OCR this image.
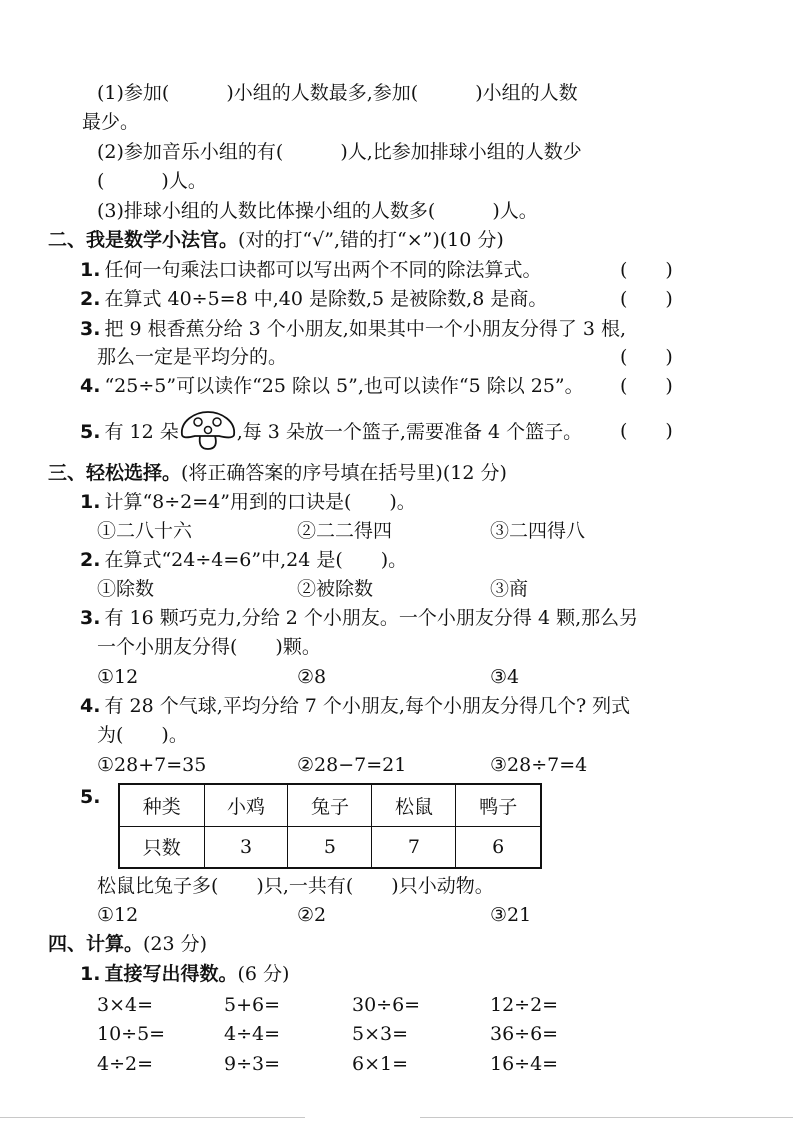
(1)参加(　　　)小组的人数最多,参加(　　　)小组的人数
最少。
(2)参加音乐小组的有(　　　)人,比参加排球小组的人数少
(　　　)人。
(3)排球小组的人数比体操小组的人数多(　　　)人。
二、我是数学小法官。(对的打“√”,错的打“×”)(10 分)
1. 任何一句乘法口诀都可以写出两个不同的除法算式。	(　　)
2. 在算式 40÷5=8 中,40 是除数,5 是被除数,8 是商。	(　　)
3. 把 9 根香蕉分给 3 个小朋友,如果其中一个小朋友分得了 3 根,
那么一定是平均分的。	(　　)
4. “25÷5”可以读作“25 除以 5”,也可以读作“5 除以 25”。 (　　)
5. 有 12 朵	,每 3 朵放一个篮子,需要准备 4 个篮子。 (　　)
三、轻松选择。(将正确答案的序号填在括号里)(12 分)
1. 计算“8÷2=4”用到的口诀是(　　)。
①二八十六	②二二得四	③二四得八
2. 在算式“24÷4=6”中,24 是(　　)。
①除数	②被除数	③商
3. 有 16 颗巧克力,分给 2 个小朋友。一个小朋友分得 4 颗,那么另
一个小朋友分得(　　)颗。
①12	②8	③4
4. 有 28 个气球,平均分给 7 个小朋友,每个小朋友分得几个? 列式
为(　　)。
①28+7=35	②28−7=21	③28÷7=4
5. 种类	小鸡	兔子	松鼠	鸭子
只数	3	5	7	6
松鼠比兔子多(　　)只,一共有(　　)只小动物。
①12	②2	③21
四、计算。(23 分)
1. 直接写出得数。(6 分)
3×4=	5+6=	30÷6=	12÷2=
10÷5=	4÷4=	5×3=	36÷6=
4÷2=	9÷3=	6×1=	16÷4=
